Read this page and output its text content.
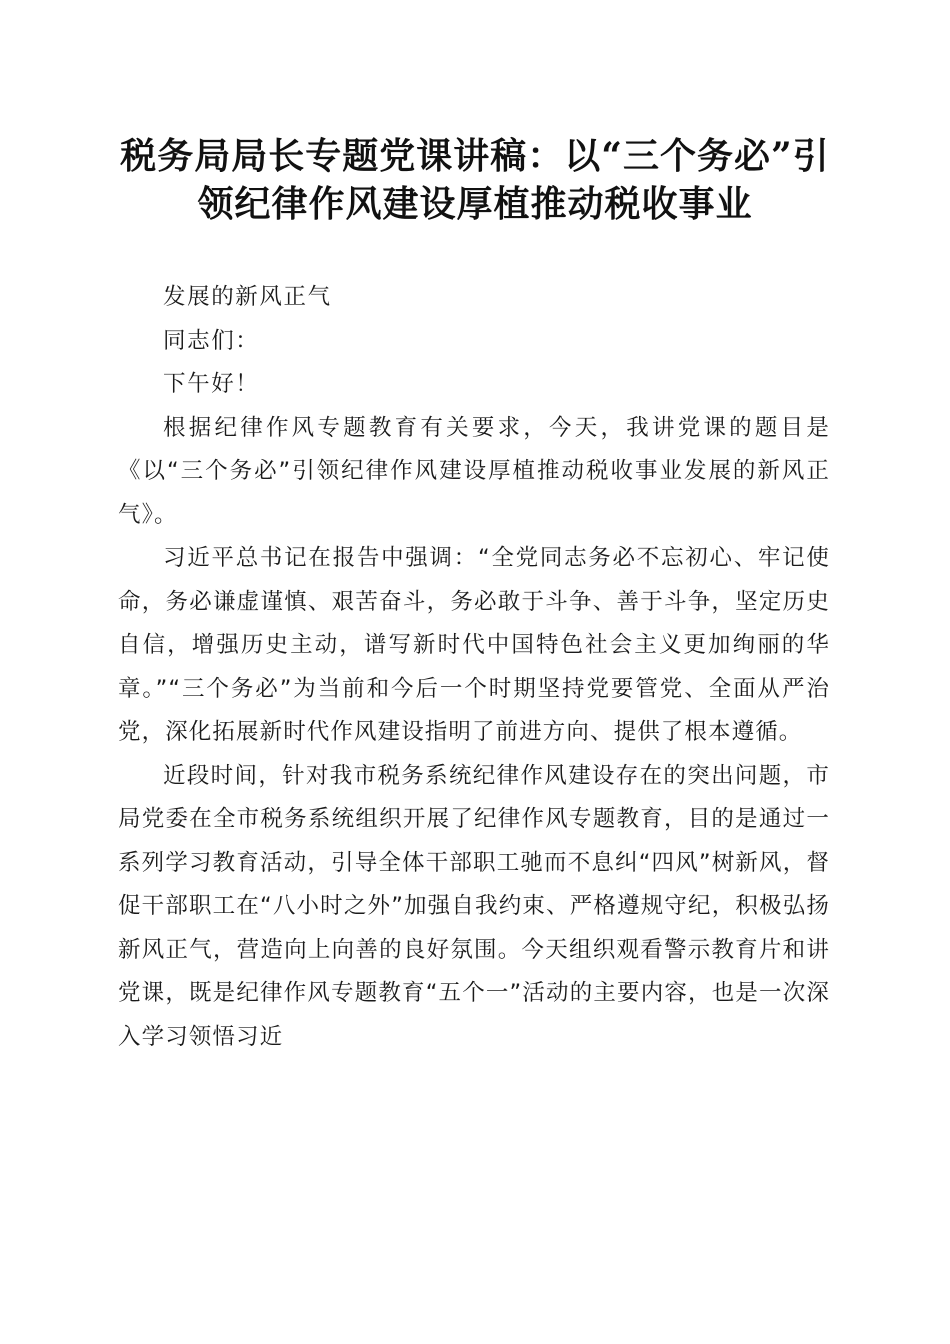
税务局局长专题党课讲稿：以“三个务必”引
领纪律作风建设厚植推动税收事业

发展的新风正气

同志们：

下午好！

根据纪律作风专题教育有关要求，今天，我讲党课的题目是《以“三个务必”引领纪律作风建设厚植推动税收事业发展的新风正气》。

习近平总书记在报告中强调：“全党同志务必不忘初心、牢记使命，务必谦虚谨慎、艰苦奋斗，务必敢于斗争、善于斗争，坚定历史自信，增强历史主动，谱写新时代中国特色社会主义更加绚丽的华章。”“三个务必”为当前和今后一个时期坚持党要管党、全面从严治党，深化拓展新时代作风建设指明了前进方向、提供了根本遵循。

近段时间，针对我市税务系统纪律作风建设存在的突出问题，市局党委在全市税务系统组织开展了纪律作风专题教育，目的是通过一系列学习教育活动，引导全体干部职工驰而不息纠“四风”树新风，督促干部职工在“八小时之外”加强自我约束、严格遵规守纪，积极弘扬新风正气，营造向上向善的良好氛围。今天组织观看警示教育片和讲党课，既是纪律作风专题教育“五个一”活动的主要内容，也是一次深入学习领悟习近
